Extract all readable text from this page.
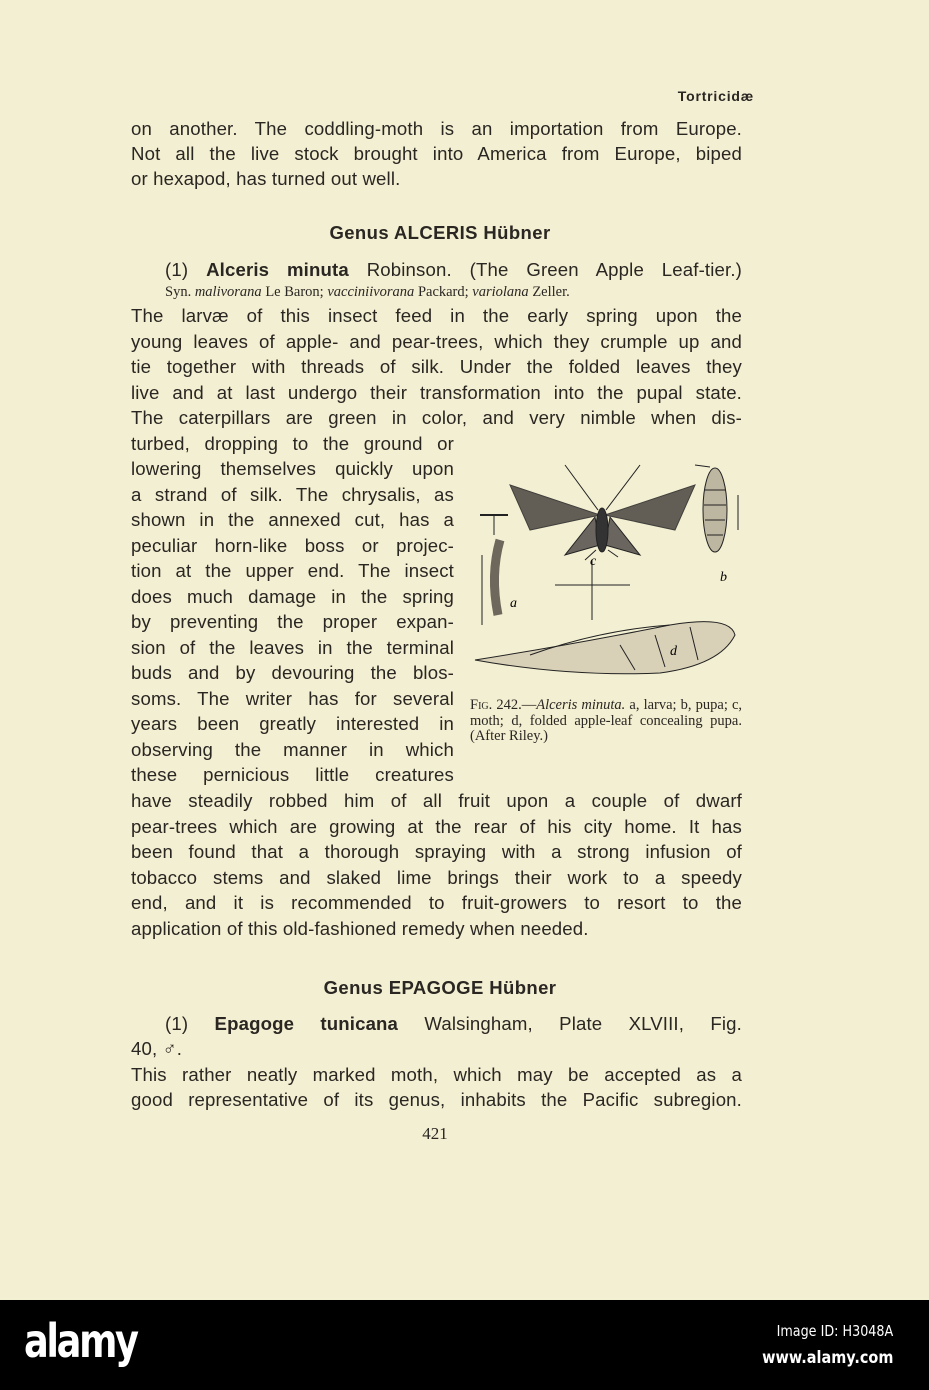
Tortricidæ
on another. The coddling-moth is an importation from Europe.
Not all the live stock brought into America from Europe, biped
or hexapod, has turned out well.
Genus ALCERIS Hübner
(1) Alceris minuta Robinson. (The Green Apple Leaf-tier.)
Syn. malivorana Le Baron; vacciniivorana Packard; variolana Zeller.
The larvæ of this insect feed in the early spring upon the
young leaves of apple- and pear-trees, which they crumple up and
tie together with threads of silk. Under the folded leaves they
live and at last undergo their transformation into the pupal state.
The caterpillars are green in color, and very nimble when dis-
turbed, dropping to the ground or
lowering themselves quickly upon
a strand of silk. The chrysalis, as
shown in the annexed cut, has a
peculiar horn-like boss or projec-
tion at the upper end. The insect
does much damage in the spring
by preventing the proper expan-
sion of the leaves in the terminal
buds and by devouring the blos-
soms. The writer has for several
years been greatly interested in
observing the manner in which
these pernicious little creatures
have steadily robbed him of all fruit upon a couple of dwarf
pear-trees which are growing at the rear of his city home. It has
been found that a thorough spraying with a strong infusion of
tobacco stems and slaked lime brings their work to a speedy
end, and it is recommended to fruit-growers to resort to the
application of this old-fashioned remedy when needed.
c
a
b
d
Fig. 242.—Alceris minuta. a, larva; b, pupa; c, moth; d, folded apple-leaf concealing pupa. (After Riley.)
Genus EPAGOGE Hübner
(1) Epagoge tunicana Walsingham, Plate XLVIII, Fig.
40, ♂.
This rather neatly marked moth, which may be accepted as a
good representative of its genus, inhabits the Pacific subregion.
421
alamy	Image ID: H3048A
www.alamy.com
